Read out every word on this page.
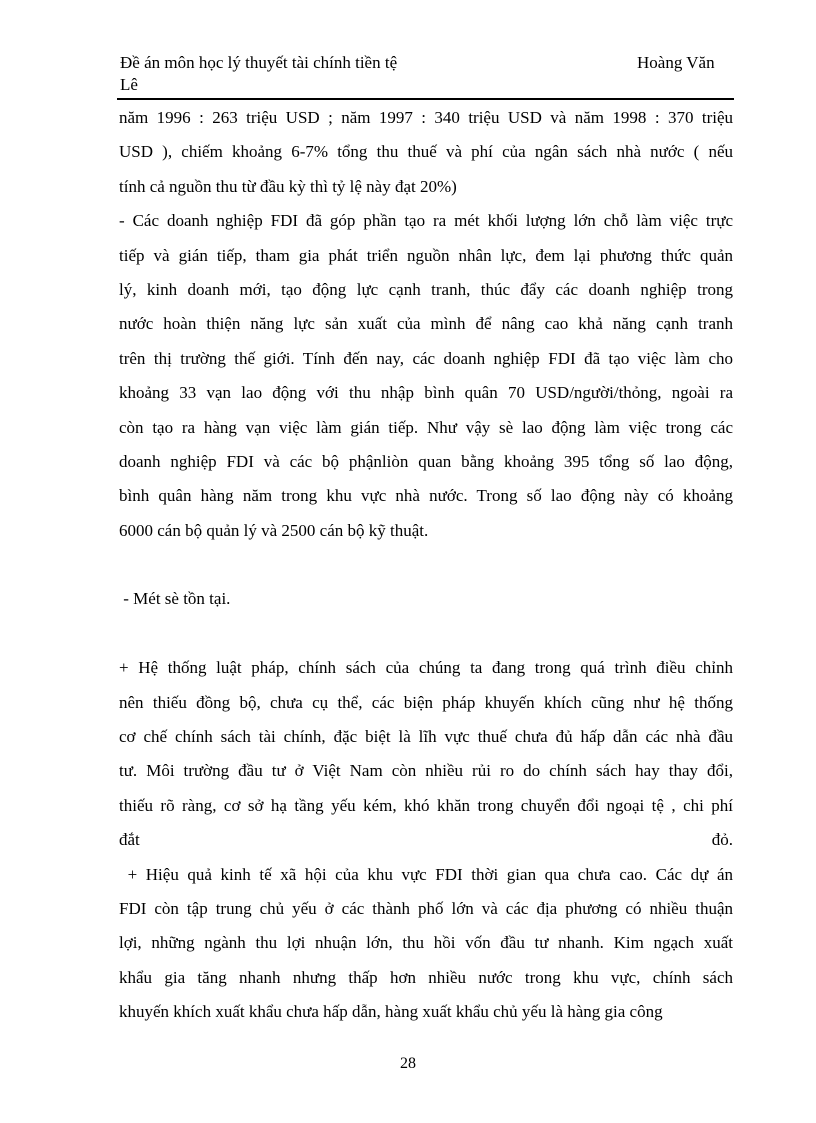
Đề án môn học lý thuyết tài chính tiền tệ
Lê
Hoàng Văn
năm 1996 : 263 triệu USD ; năm 1997 : 340 triệu USD và năm 1998 : 370 triệu
USD ), chiếm khoảng 6-7% tổng thu thuế và phí của ngân sách nhà nước ( nếu
tính cả nguồn thu từ đầu kỳ thì tỷ lệ này đạt 20%)
- Các doanh nghiệp FDI đã góp phần tạo ra mét khối lượng lớn chỗ làm việc trực
tiếp và gián tiếp, tham gia phát triển nguồn nhân lực, đem lại phương thức quản
lý, kinh doanh mới, tạo động lực cạnh tranh, thúc đẩy các doanh nghiệp trong
nước hoàn thiện năng lực sản xuất của mình để nâng cao khả năng cạnh tranh
trên thị trường thế giới. Tính đến nay, các doanh nghiệp FDI đã tạo việc làm cho
khoảng 33 vạn lao động với thu nhập bình quân 70 USD/người/thỏng, ngoài ra
còn tạo ra hàng vạn việc làm gián tiếp. Như vậy sè lao động làm việc trong các
doanh nghiệp FDI và các bộ phậnliòn quan bằng khoảng 395 tổng số lao động,
bình quân hàng năm trong khu vực nhà nước. Trong số lao động này có khoảng
6000 cán bộ quản lý và 2500 cán bộ kỹ thuật.
- Mét sè tồn tại.
+ Hệ thống luật pháp, chính sách của chúng ta đang trong quá trình điều chỉnh
nên thiếu đồng bộ, chưa cụ thể, các biện pháp khuyến khích cũng như hệ thống
cơ chế chính sách tài chính, đặc biệt là lĩh vực thuế chưa đủ hấp dẫn các nhà đầu
tư. Môi trường đầu tư ở Việt Nam còn nhiều rủi ro do chính sách hay thay đổi,
thiếu rõ ràng, cơ sở hạ tầng yếu kém, khó khăn trong chuyển đổi ngoại tệ , chi phí
đắt                                                                                                  đỏ.
+ Hiệu quả kinh tế xã hội của khu vực FDI thời gian qua chưa cao. Các dự án
FDI còn tập trung chủ yếu ở các thành phố lớn và các địa phương có nhiều thuận
lợi, những ngành thu lợi nhuận lớn, thu hồi vốn đầu tư nhanh. Kim ngạch xuất
khẩu gia tăng nhanh nhưng thấp hơn nhiều nước trong khu vực, chính sách
khuyến khích xuất khẩu chưa hấp dẫn, hàng xuất khẩu chủ yếu là hàng gia công
28
